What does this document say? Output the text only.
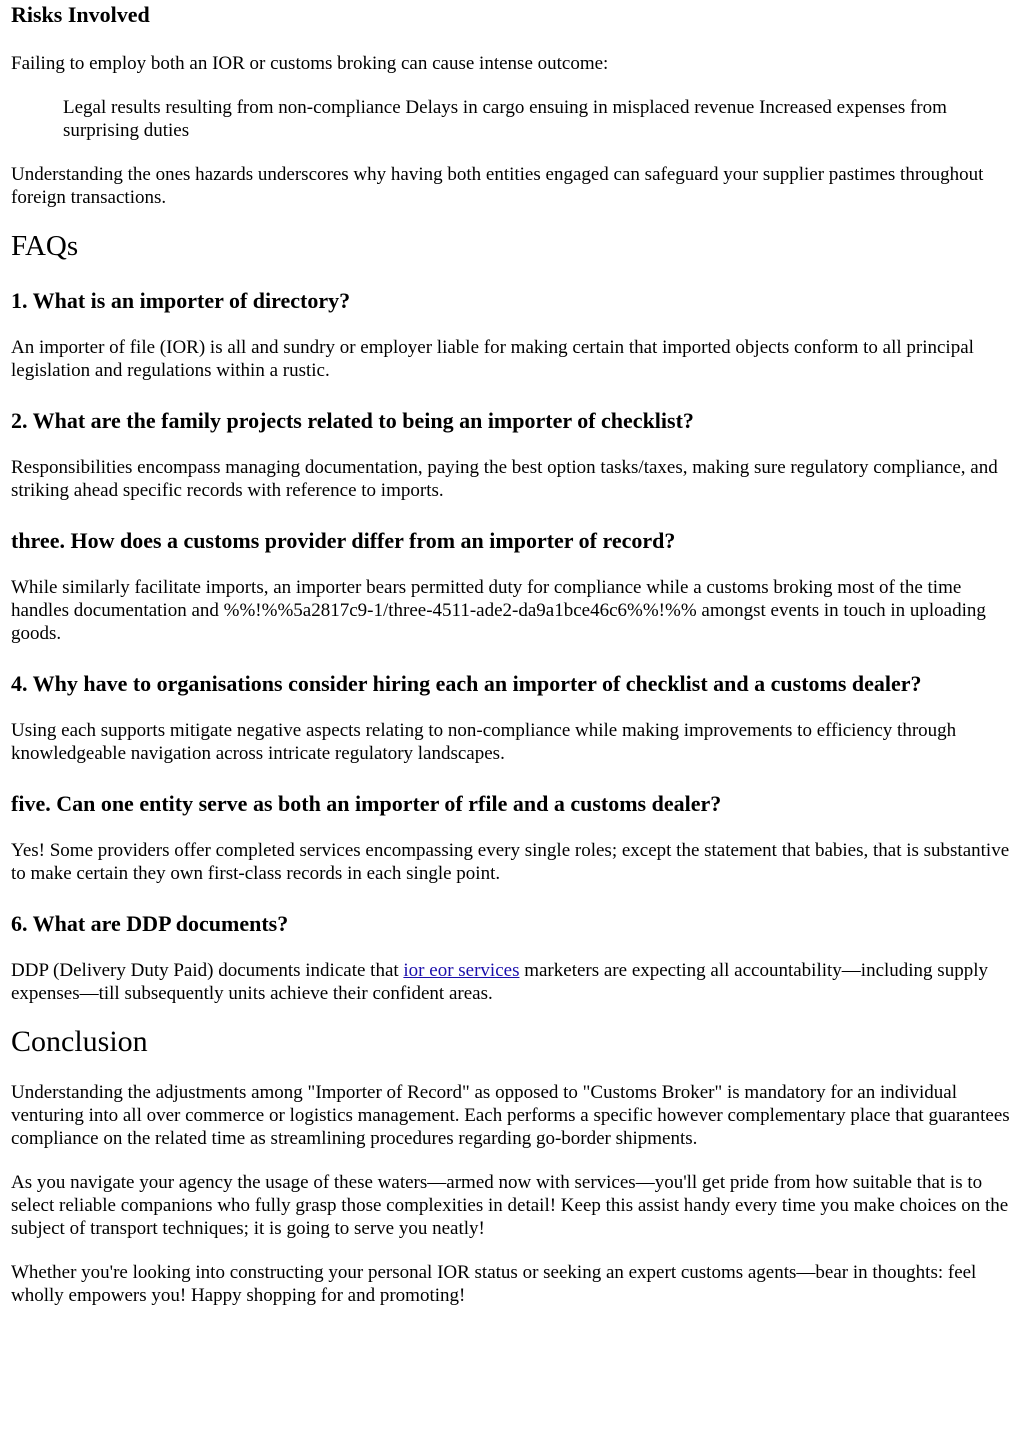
Risks Involved

Failing to employ both an IOR or customs broking can cause intense outcome:

Legal results resulting from non-compliance Delays in cargo ensuing in misplaced revenue Increased expenses from surprising duties

Understanding the ones hazards underscores why having both entities engaged can safeguard your supplier pastimes throughout foreign transactions.

FAQs
1. What is an importer of directory?

An importer of file (IOR) is all and sundry or employer liable for making certain that imported objects conform to all principal legislation and regulations within a rustic.

2. What are the family projects related to being an importer of checklist?

Responsibilities encompass managing documentation, paying the best option tasks/taxes, making sure regulatory compliance, and striking ahead specific records with reference to imports.

three. How does a customs provider differ from an importer of record?

While similarly facilitate imports, an importer bears permitted duty for compliance while a customs broking most of the time handles documentation and %%!%%5a2817c9-1/three-4511-ade2-da9a1bce46c6%%!%% amongst events in touch in uploading goods.

4. Why have to organisations consider hiring each an importer of checklist and a customs dealer?

Using each supports mitigate negative aspects relating to non-compliance while making improvements to efficiency through knowledgeable navigation across intricate regulatory landscapes.

five. Can one entity serve as both an importer of rfile and a customs dealer?

Yes! Some providers offer completed services encompassing every single roles; except the statement that babies, that is substantive to make certain they own first-class records in each single point.

6. What are DDP documents?

DDP (Delivery Duty Paid) documents indicate that ior eor services marketers are expecting all accountability—including supply expenses—till subsequently units achieve their confident areas.

Conclusion

Understanding the adjustments among "Importer of Record" as opposed to "Customs Broker" is mandatory for an individual venturing into all over commerce or logistics management. Each performs a specific however complementary place that guarantees compliance on the related time as streamlining procedures regarding go-border shipments.

As you navigate your agency the usage of these waters—armed now with services—you'll get pride from how suitable that is to select reliable companions who fully grasp those complexities in detail! Keep this assist handy every time you make choices on the subject of transport techniques; it is going to serve you neatly!

Whether you're looking into constructing your personal IOR status or seeking an expert customs agents—bear in thoughts: feel wholly empowers you! Happy shopping for and promoting!
